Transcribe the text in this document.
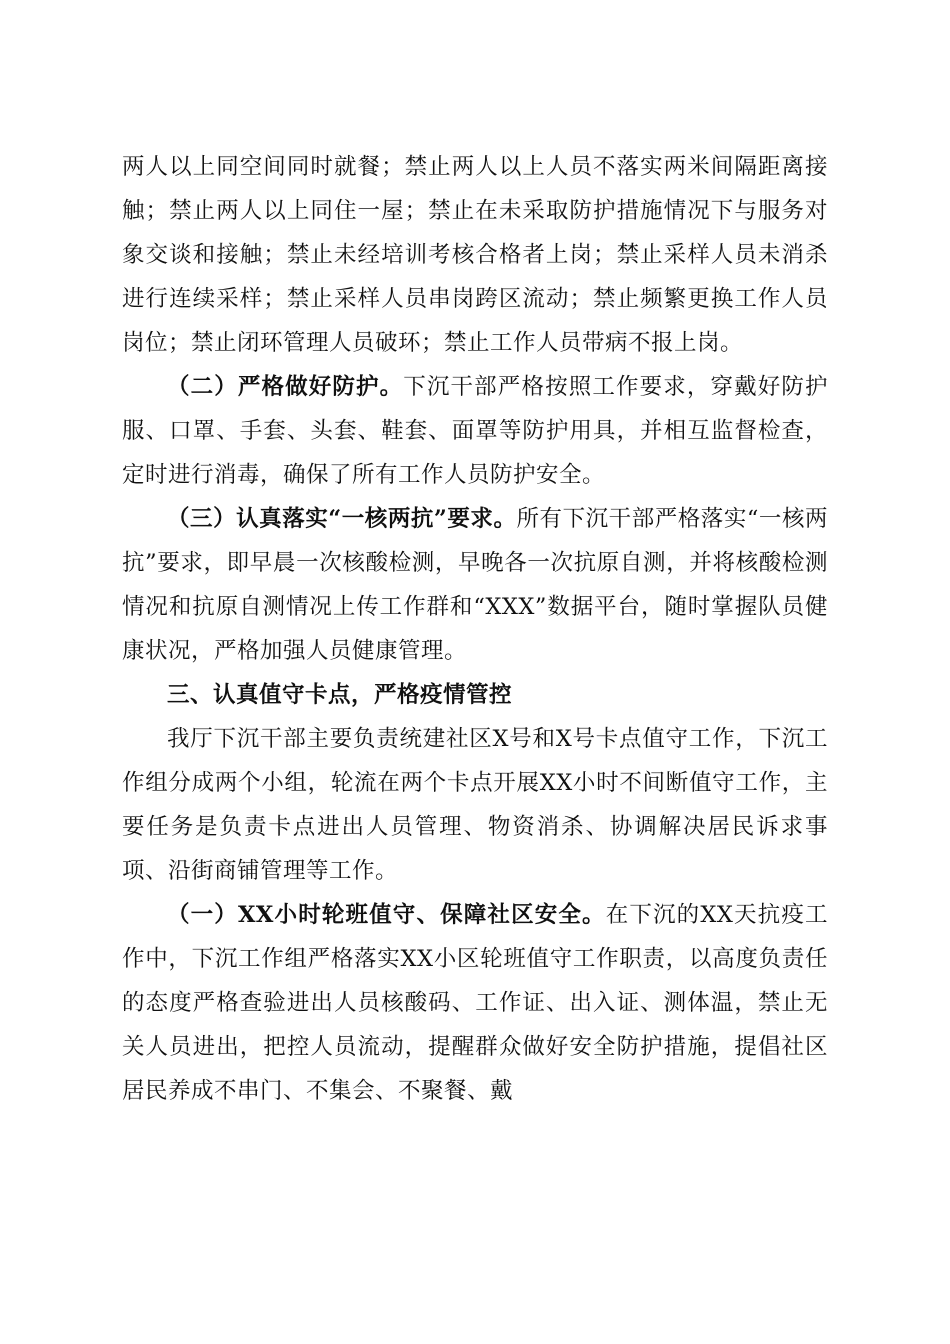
两人以上同空间同时就餐；禁止两人以上人员不落实两米间隔距离接触；禁止两人以上同住一屋；禁止在未采取防护措施情况下与服务对象交谈和接触；禁止未经培训考核合格者上岗；禁止采样人员未消杀进行连续采样；禁止采样人员串岗跨区流动；禁止频繁更换工作人员岗位；禁止闭环管理人员破环；禁止工作人员带病不报上岗。

（二）严格做好防护。下沉干部严格按照工作要求，穿戴好防护服、口罩、手套、头套、鞋套、面罩等防护用具，并相互监督检查，定时进行消毒，确保了所有工作人员防护安全。

（三）认真落实“一核两抗”要求。所有下沉干部严格落实“一核两抗”要求，即早晨一次核酸检测，早晚各一次抗原自测，并将核酸检测情况和抗原自测情况上传工作群和“XXX”数据平台，随时掌握队员健康状况，严格加强人员健康管理。

三、认真值守卡点，严格疫情管控

我厅下沉干部主要负责统建社区X号和X号卡点值守工作，下沉工作组分成两个小组，轮流在两个卡点开展XX小时不间断值守工作，主要任务是负责卡点进出人员管理、物资消杀、协调解决居民诉求事项、沿街商铺管理等工作。

（一）XX小时轮班值守、保障社区安全。在下沉的XX天抗疫工作中，下沉工作组严格落实XX小区轮班值守工作职责，以高度负责任的态度严格查验进出人员核酸码、工作证、出入证、测体温，禁止无关人员进出，把控人员流动，提醒群众做好安全防护措施，提倡社区居民养成不串门、不集会、不聚餐、戴
